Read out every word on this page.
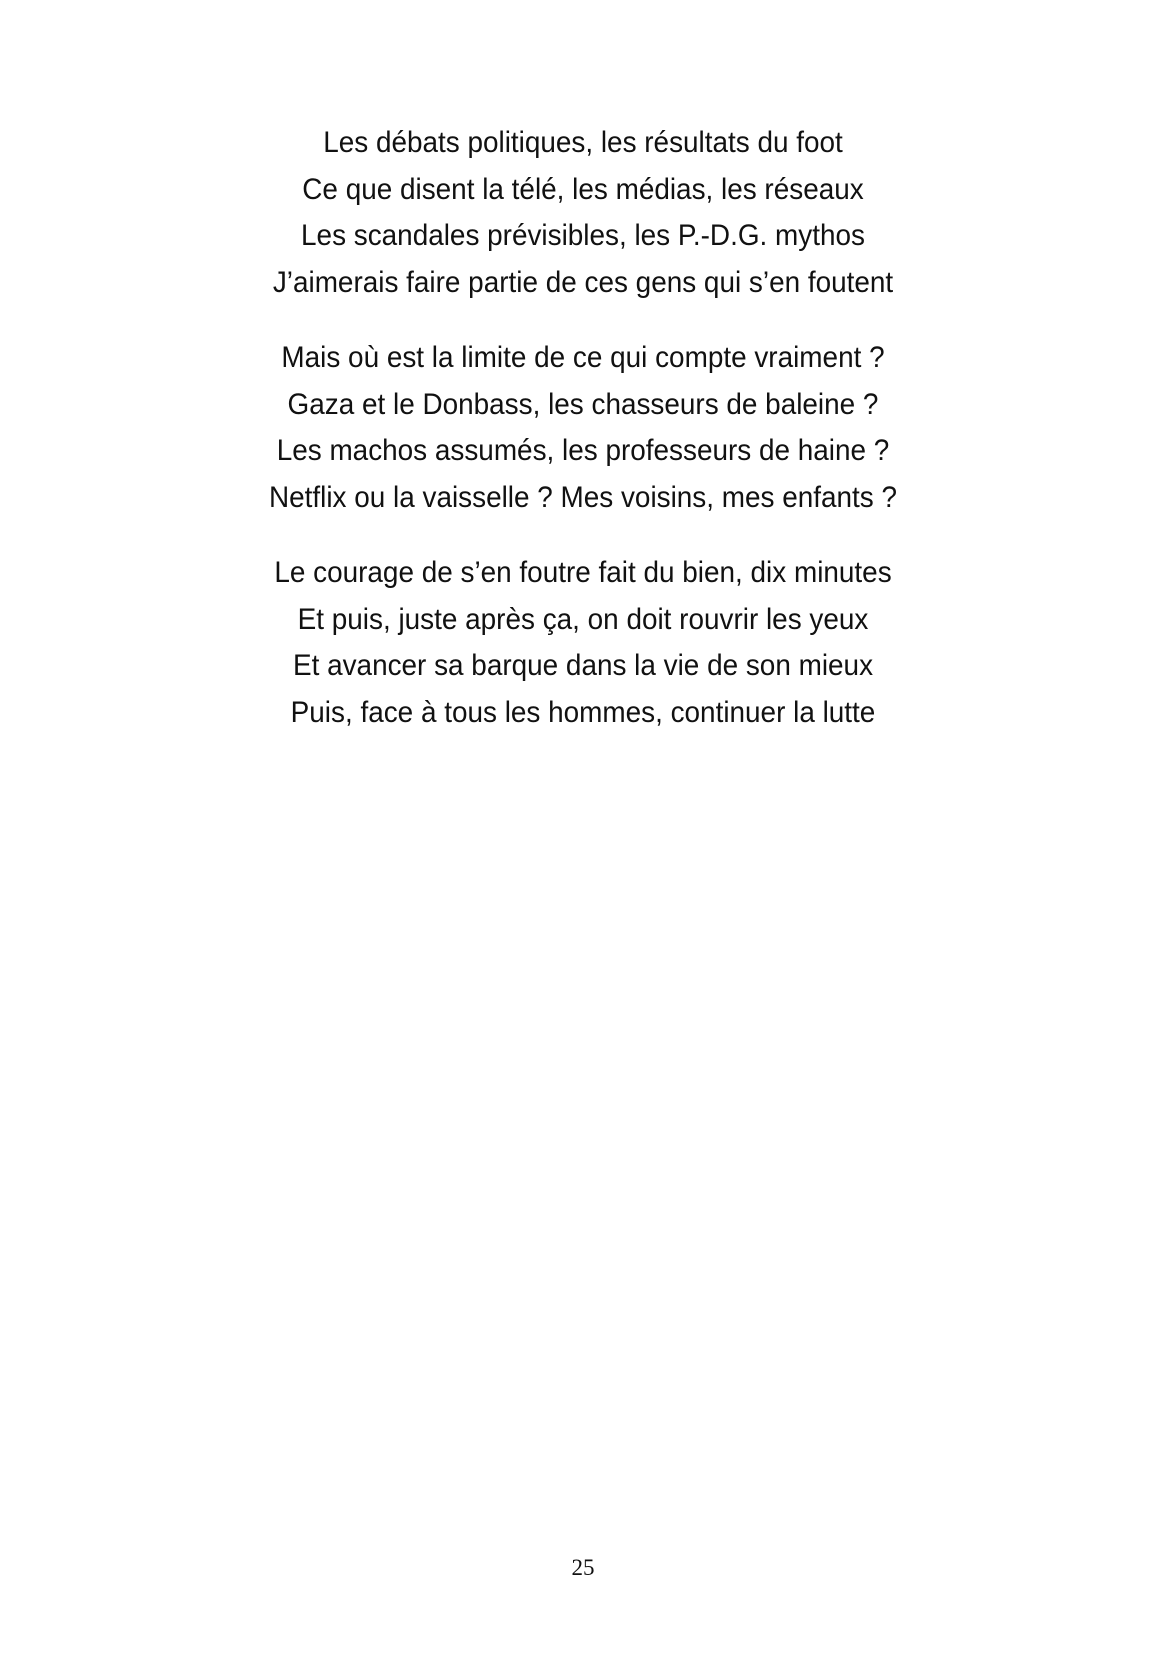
Les débats politiques, les résultats du foot
Ce que disent la télé, les médias, les réseaux
Les scandales prévisibles, les P.-D.G. mythos
J’aimerais faire partie de ces gens qui s’en foutent
Mais où est la limite de ce qui compte vraiment ?
Gaza et le Donbass, les chasseurs de baleine ?
Les machos assumés, les professeurs de haine ?
Netflix ou la vaisselle ? Mes voisins, mes enfants ?
Le courage de s’en foutre fait du bien, dix minutes
Et puis, juste après ça, on doit rouvrir les yeux
Et avancer sa barque dans la vie de son mieux
Puis, face à tous les hommes, continuer la lutte
25
